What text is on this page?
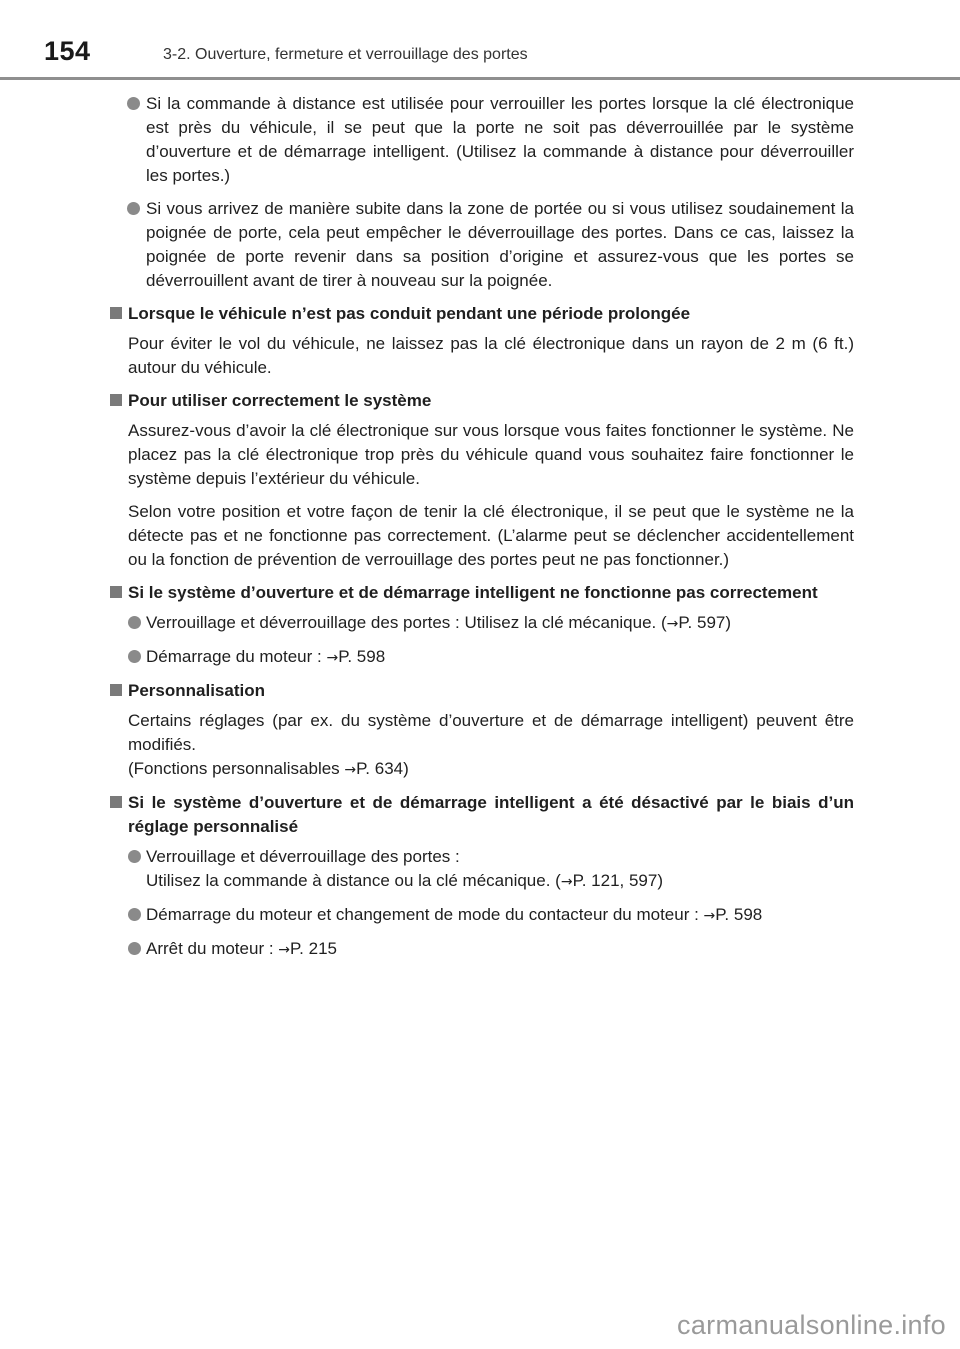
154	3-2. Ouverture, fermeture et verrouillage des portes

Si la commande à distance est utilisée pour verrouiller les portes lorsque la clé électronique est près du véhicule, il se peut que la porte ne soit pas déverrouillée par le système d’ouverture et de démarrage intelligent. (Utilisez la commande à distance pour déverrouiller les portes.)

Si vous arrivez de manière subite dans la zone de portée ou si vous utilisez soudainement la poignée de porte, cela peut empêcher le déverrouillage des portes. Dans ce cas, laissez la poignée de porte revenir dans sa position d’origine et assurez-vous que les portes se déverrouillent avant de tirer à nouveau sur la poignée.

Lorsque le véhicule n’est pas conduit pendant une période prolongée

Pour éviter le vol du véhicule, ne laissez pas la clé électronique dans un rayon de 2 m (6 ft.) autour du véhicule.

Pour utiliser correctement le système

Assurez-vous d’avoir la clé électronique sur vous lorsque vous faites fonctionner le système. Ne placez pas la clé électronique trop près du véhicule quand vous souhaitez faire fonctionner le système depuis l’extérieur du véhicule.

Selon votre position et votre façon de tenir la clé électronique, il se peut que le système ne la détecte pas et ne fonctionne pas correctement. (L’alarme peut se déclencher accidentellement ou la fonction de prévention de verrouillage des portes peut ne pas fonctionner.)

Si le système d’ouverture et de démarrage intelligent ne fonctionne pas correctement

Verrouillage et déverrouillage des portes : Utilisez la clé mécanique. (→P. 597)

Démarrage du moteur : →P. 598

Personnalisation

Certains réglages (par ex. du système d’ouverture et de démarrage intelligent) peuvent être modifiés.

(Fonctions personnalisables →P. 634)

Si le système d’ouverture et de démarrage intelligent a été désactivé par le biais d’un réglage personnalisé

Verrouillage et déverrouillage des portes :
Utilisez la commande à distance ou la clé mécanique. (→P. 121, 597)

Démarrage du moteur et changement de mode du contacteur du moteur : →P. 598

Arrêt du moteur : →P. 215

carmanualsonline.info
